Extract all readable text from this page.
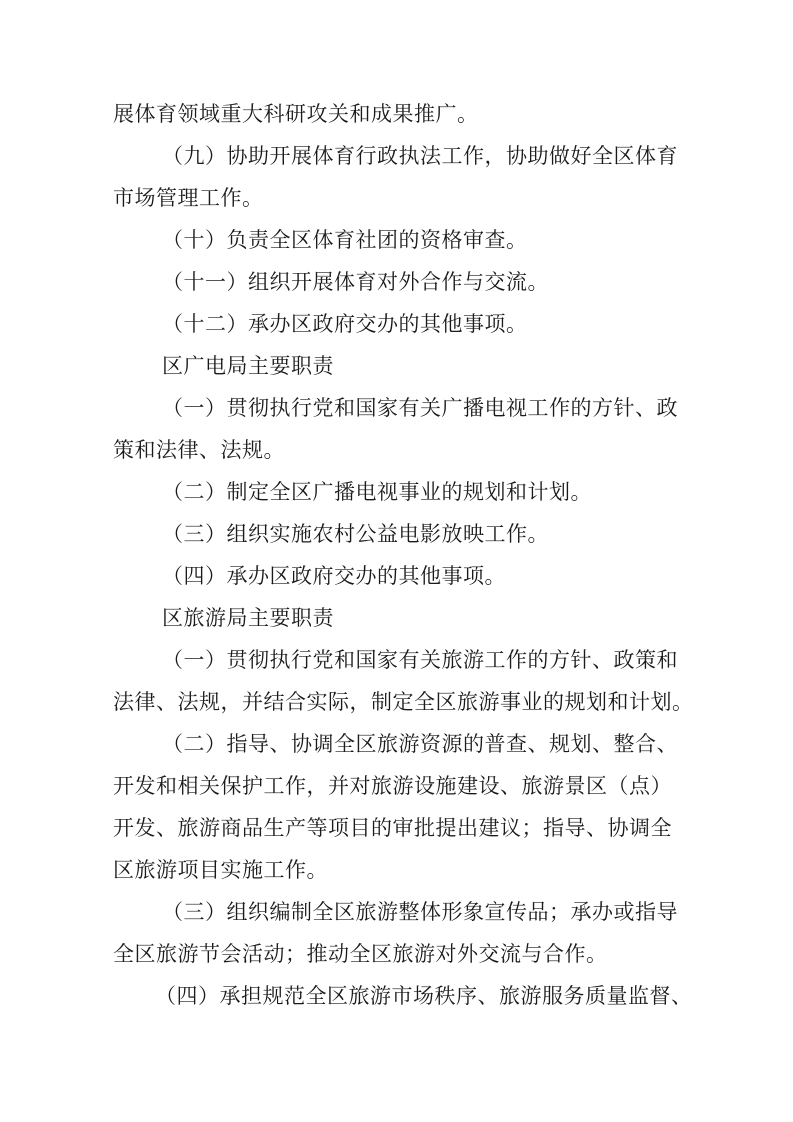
展体育领域重大科研攻关和成果推广。
（九）协助开展体育行政执法工作，协助做好全区体育
市场管理工作。
（十）负责全区体育社团的资格审查。
（十一）组织开展体育对外合作与交流。
（十二）承办区政府交办的其他事项。
区广电局主要职责
（一）贯彻执行党和国家有关广播电视工作的方针、政
策和法律、法规。
（二）制定全区广播电视事业的规划和计划。
（三）组织实施农村公益电影放映工作。
（四）承办区政府交办的其他事项。
区旅游局主要职责
（一）贯彻执行党和国家有关旅游工作的方针、政策和
法律、法规，并结合实际，制定全区旅游事业的规划和计划。
（二）指导、协调全区旅游资源的普查、规划、整合、
开发和相关保护工作，并对旅游设施建设、旅游景区（点）
开发、旅游商品生产等项目的审批提出建议；指导、协调全
区旅游项目实施工作。
（三）组织编制全区旅游整体形象宣传品；承办或指导
全区旅游节会活动；推动全区旅游对外交流与合作。
（四）承担规范全区旅游市场秩序、旅游服务质量监督、
